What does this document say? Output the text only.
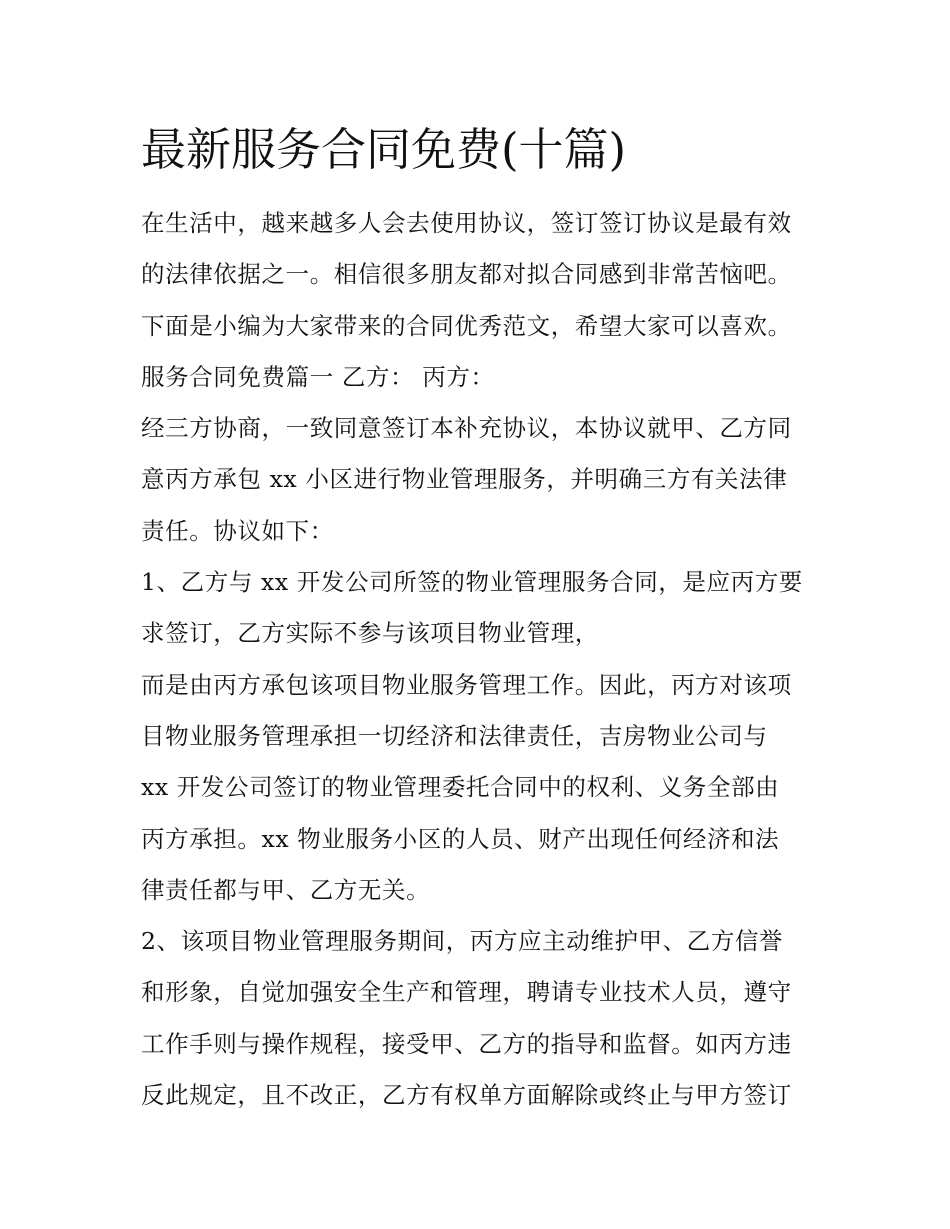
最新服务合同免费(十篇)
在生活中，越来越多人会去使用协议，签订签订协议是最有效
的法律依据之一。相信很多朋友都对拟合同感到非常苦恼吧。
下面是小编为大家带来的合同优秀范文，希望大家可以喜欢。
服务合同免费篇一 乙方： 丙方：
经三方协商，一致同意签订本补充协议，本协议就甲、乙方同
意丙方承包 xx 小区进行物业管理服务，并明确三方有关法律
责任。协议如下：
1、乙方与 xx 开发公司所签的物业管理服务合同，是应丙方要
求签订，乙方实际不参与该项目物业管理，
而是由丙方承包该项目物业服务管理工作。因此，丙方对该项
目物业服务管理承担一切经济和法律责任，吉房物业公司与
xx 开发公司签订的物业管理委托合同中的权利、义务全部由
丙方承担。xx 物业服务小区的人员、财产出现任何经济和法
律责任都与甲、乙方无关。
2、该项目物业管理服务期间，丙方应主动维护甲、乙方信誉
和形象，自觉加强安全生产和管理，聘请专业技术人员，遵守
工作手则与操作规程，接受甲、乙方的指导和监督。如丙方违
反此规定，且不改正，乙方有权单方面解除或终止与甲方签订
